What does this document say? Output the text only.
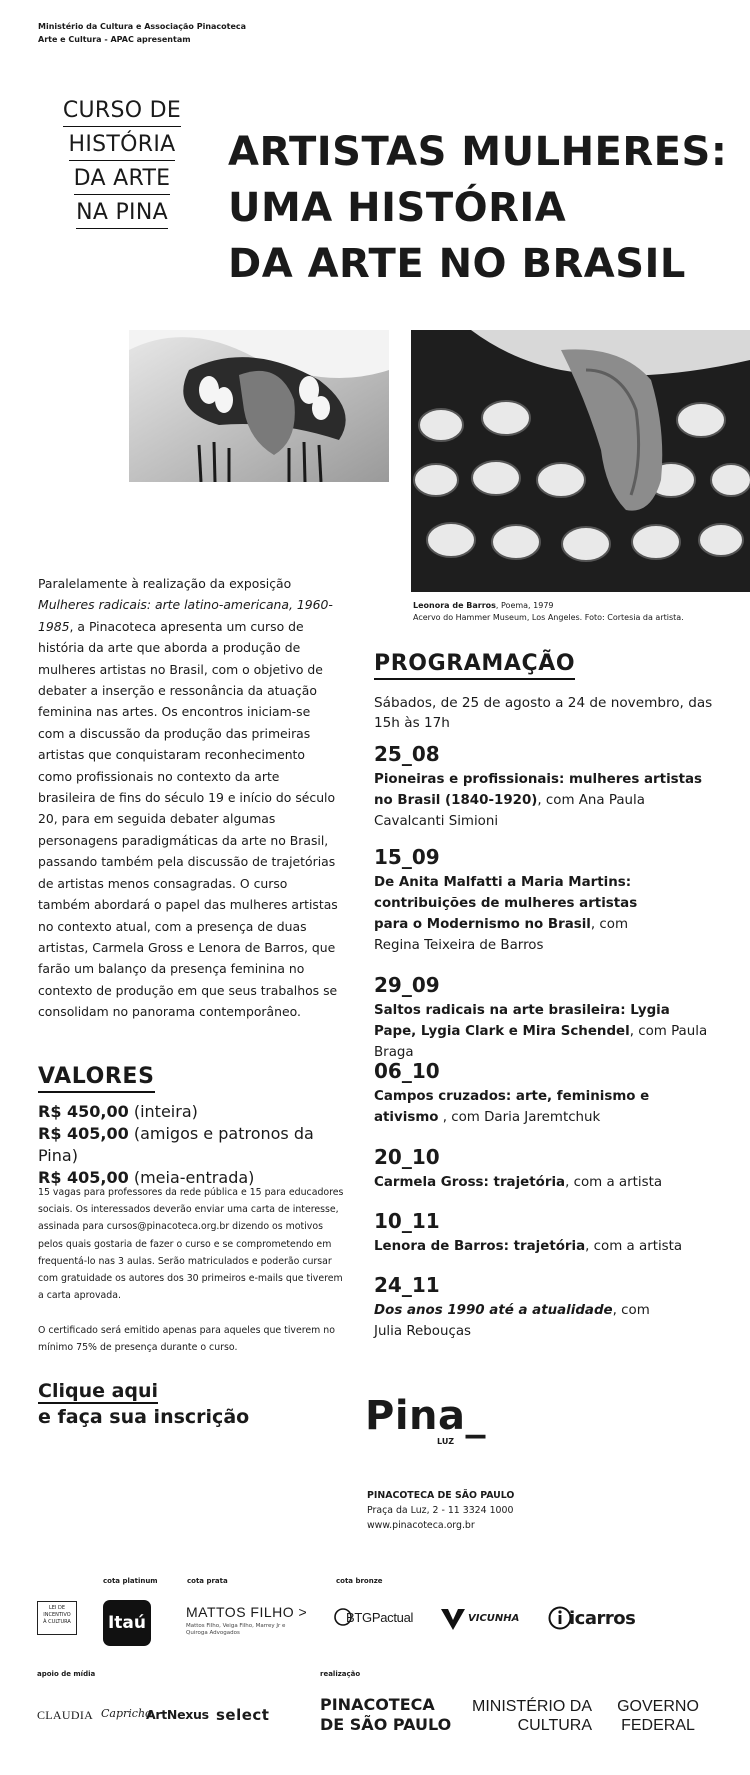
Ministério da Cultura e Associação Pinacoteca
Arte e Cultura - APAC apresentam
CURSO DE
HISTÓRIA
DA ARTE
NA PINA
ARTISTAS MULHERES:
UMA HISTÓRIA
DA ARTE NO BRASIL
Leonora de Barros, Poema, 1979
Acervo do Hammer Museum, Los Angeles. Foto: Cortesia da artista.
Paralelamente à realização da exposição Mulheres radicais: arte latino-americana, 1960-1985, a Pinacoteca apresenta um curso de história da arte que aborda a produção de mulheres artistas no Brasil, com o objetivo de debater a inserção e ressonância da atuação feminina nas artes. Os encontros iniciam-se com a discussão da produção das primeiras artistas que conquistaram reconhecimento como profissionais no contexto da arte brasileira de fins do século 19 e início do século 20, para em seguida debater algumas personagens paradigmáticas da arte no Brasil, passando também pela discussão de trajetórias de artistas menos consagradas. O curso também abordará o papel das mulheres artistas no contexto atual, com a presença de duas artistas, Carmela Gross e Lenora de Barros, que farão um balanço da presença feminina no contexto de produção em que seus trabalhos se consolidam no panorama contemporâneo.
VALORES
R$ 450,00 (inteira)
R$ 405,00 (amigos e patronos da Pina)
R$ 405,00 (meia-entrada)
15 vagas para professores da rede pública e 15 para educadores sociais. Os interessados deverão enviar uma carta de interesse, assinada para cursos@pinacoteca.org.br dizendo os motivos pelos quais gostaria de fazer o curso e se comprometendo em frequentá-lo nas 3 aulas. Serão matriculados e poderão cursar com gratuidade os autores dos 30 primeiros e-mails que tiverem a carta aprovada.
O certificado será emitido apenas para aqueles que tiverem no mínimo 75% de presença durante o curso.
Clique aqui
e faça sua inscrição
PROGRAMAÇÃO
Sábados, de 25 de agosto a 24 de novembro, das 15h às 17h
25_08
Pioneiras e profissionais: mulheres artistas no Brasil (1840-1920), com Ana Paula Cavalcanti Simioni
15_09
De Anita Malfatti a Maria Martins: contribuições de mulheres artistas para o Modernismo no Brasil, com Regina Teixeira de Barros
29_09
Saltos radicais na arte brasileira: Lygia Pape, Lygia Clark e Mira Schendel, com Paula Braga
06_10
Campos cruzados: arte, feminismo e ativismo , com Daria Jaremtchuk
20_10
Carmela Gross: trajetória, com a artista
10_11
Lenora de Barros: trajetória, com a artista
24_11
Dos anos 1990 até a atualidade, com Julia Rebouças
Pina_
LUZ
PINACOTECA DE SÃO PAULO
Praça da Luz, 2 - 11 3324 1000
www.pinacoteca.org.br
cota platinum	cota prata	cota bronze
LEI DE INCENTIVO À CULTURA Itaú
MATTOS FILHO >
Mattos Filho, Veiga Filho, Marrey Jr e Quiroga Advogados
BTGPactual	VICUNHA	icarros
apoio de mídia	realização
CLAUDIA Capricho
ArtNexus select
PINACOTECA
DE SÃO PAULO
MINISTÉRIO DA
CULTURA
GOVERNO
FEDERAL
